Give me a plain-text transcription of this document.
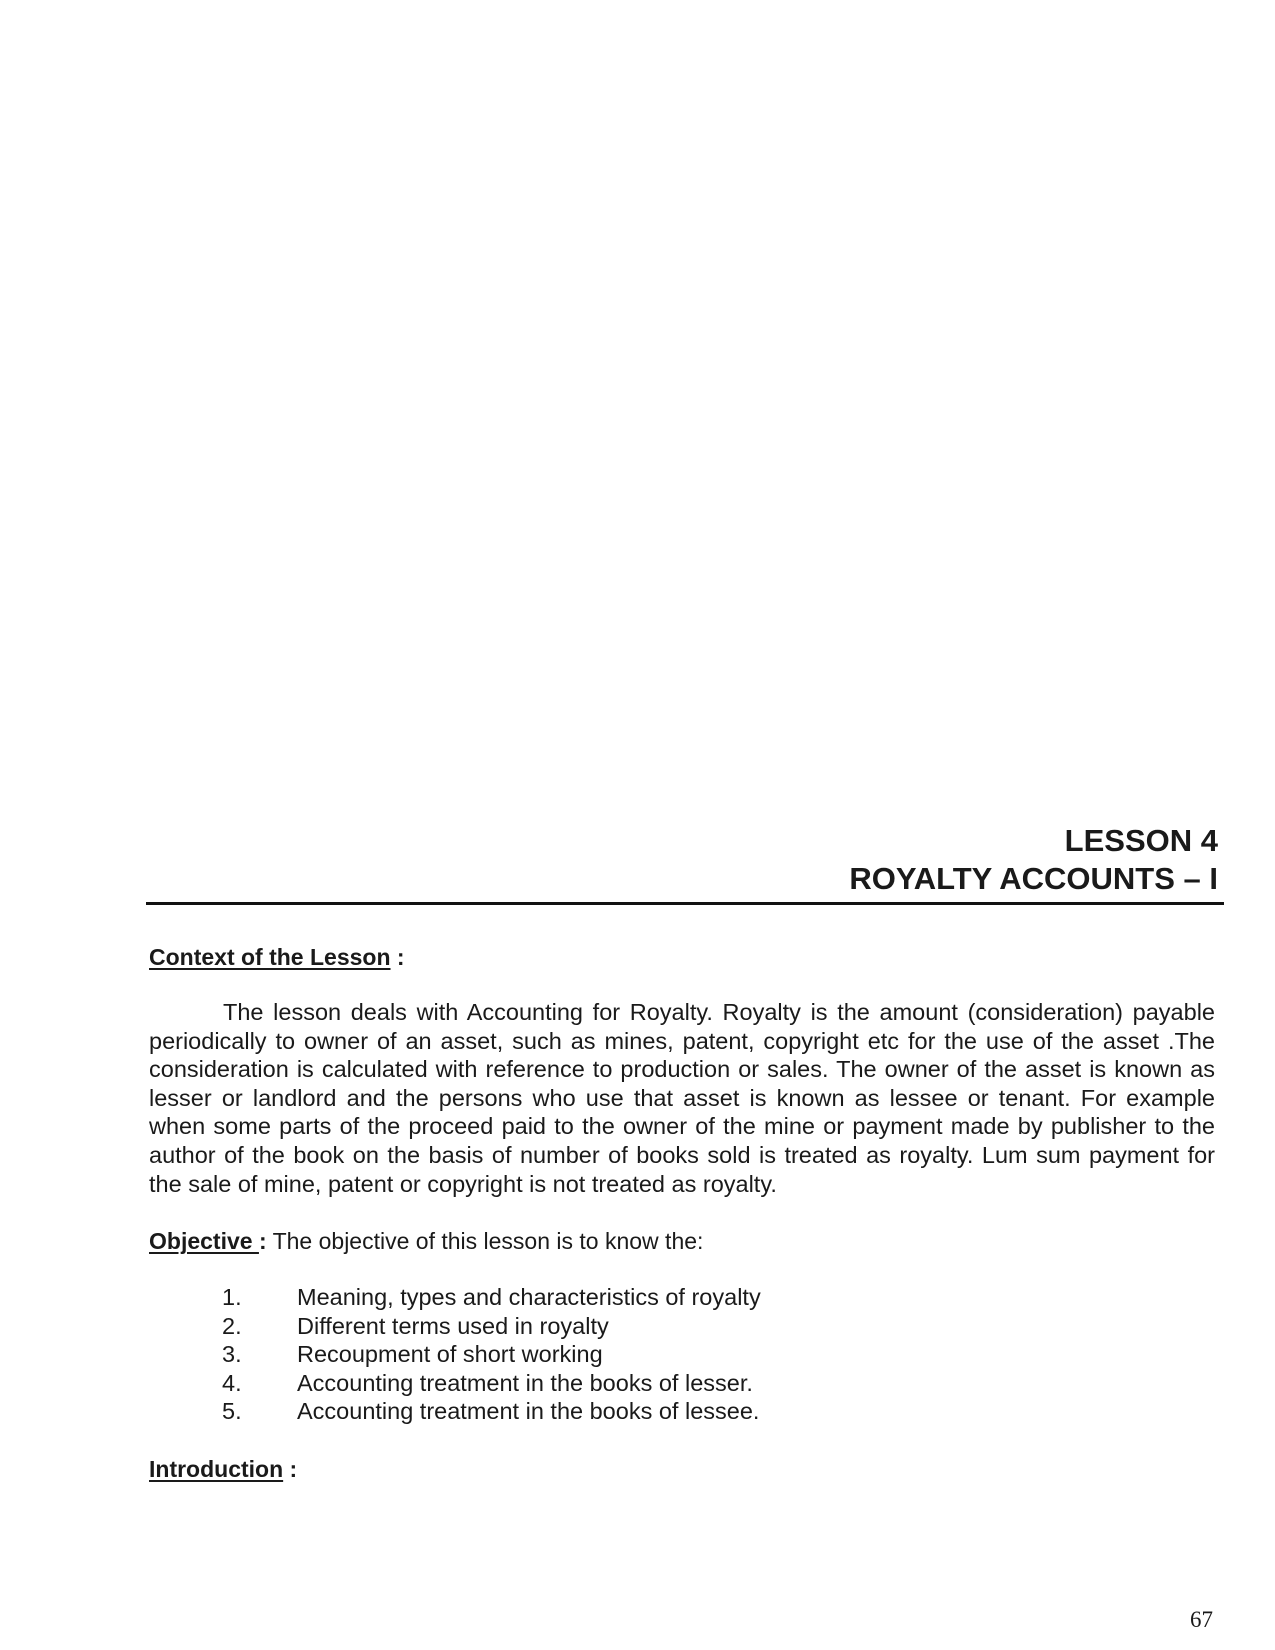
LESSON 4
ROYALTY ACCOUNTS – I
Context of the Lesson :

The lesson deals with Accounting for Royalty. Royalty is the amount (consideration) payable periodically to owner of an asset, such as mines, patent, copyright etc for the use of the asset .The consideration is calculated with reference to production or sales. The owner of the asset is known as lesser or landlord and the persons who use that asset is known as lessee or tenant. For example when some parts of the proceed paid to the owner of the mine or payment made by publisher to the author of the book on the basis of number of books sold is treated as royalty. Lum sum payment for the sale of mine, patent or copyright is not treated as royalty.

Objective : The objective of this lesson is to know the:
1.	Meaning, types and characteristics of royalty
2.	Different terms used in royalty
3.	Recoupment of short working
4.	Accounting treatment in the books of lesser.
5.	Accounting treatment in the books of lessee.
Introduction :
67
